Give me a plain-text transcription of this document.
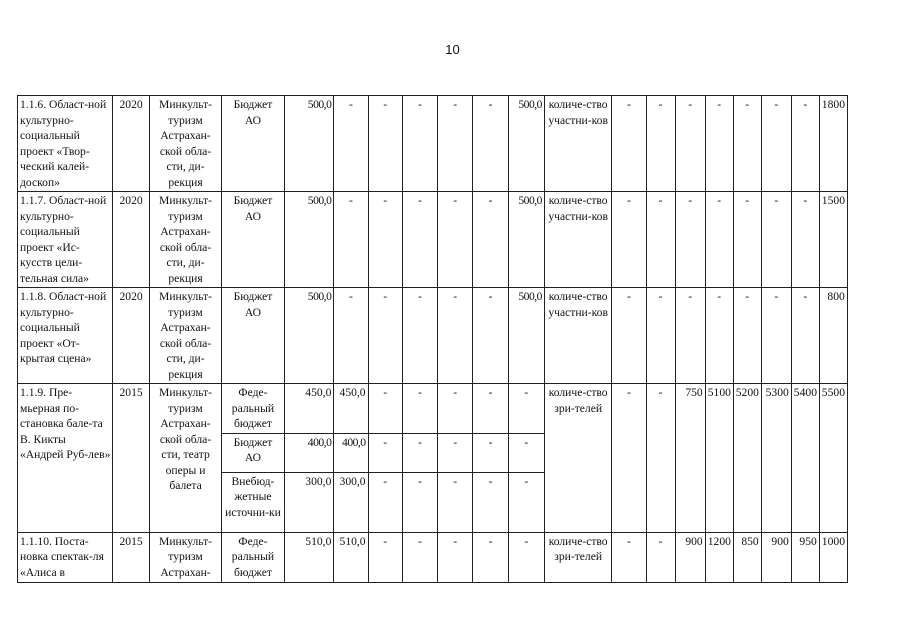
10
1.1.6. Област-ной культурно-социальный проект «Твор-ческий калей-доскоп»	2020	Минкульт-туризм Астрахан-ской обла-сти, ди-рекция	Бюджет АО	500,0	-	-	-	-	-	500,0	количе-ство участни-ков	-	-	-	-	-	-	-	1800
1.1.7. Област-ной культурно-социальный проект «Ис-кусств цели-тельная сила»	2020	Минкульт-туризм Астрахан-ской обла-сти, ди-рекция	Бюджет АО	500,0	-	-	-	-	-	500,0	количе-ство участни-ков	-	-	-	-	-	-	-	1500
1.1.8. Област-ной культурно-социальный проект «От-крытая сцена»	2020	Минкульт-туризм Астрахан-ской обла-сти, ди-рекция	Бюджет АО	500,0	-	-	-	-	-	500,0	количе-ство участни-ков	-	-	-	-	-	-	-	800
1.1.9. Пре-мьерная по-становка бале-та В. Кикты «Андрей Руб-лев»	2015	Минкульт-туризм Астрахан-ской обла-сти, театр оперы и балета	Феде-ральный бюджет	450,0	450,0	-	-	-	-	-	количе-ство зри-телей	-	-	750	5100	5200	5300	5400	5500
			Бюджет АО	400,0	400,0	-	-	-	-	-									
			Внебюд-жетные источни-ки	300,0	300,0	-	-	-	-	-									
1.1.10. Поста-новка спектак-ля «Алиса в	2015	Минкульт-туризм Астрахан-	Феде-ральный бюджет	510,0	510,0	-	-	-	-	-	количе-ство зри-телей	-	-	900	1200	850	900	950	1000
